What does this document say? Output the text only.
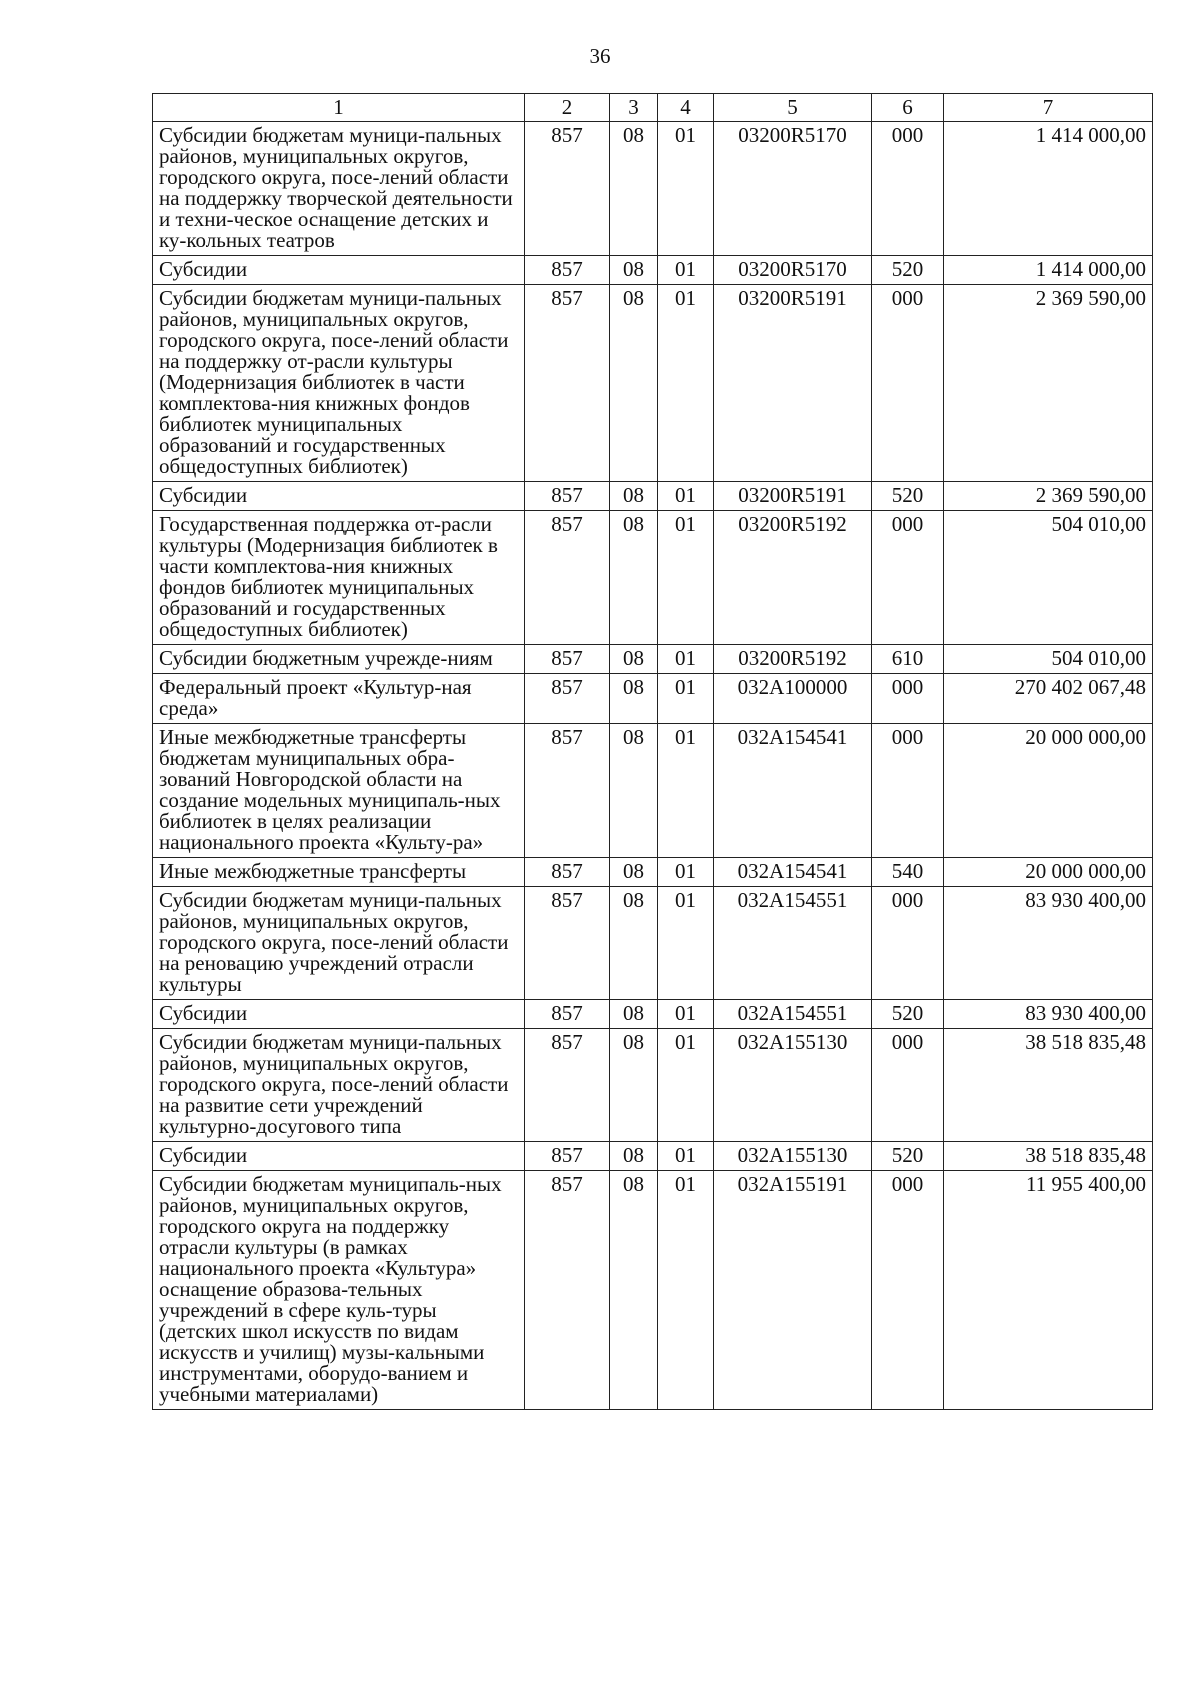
36
1	2	3	4	5	6	7
Субсидии бюджетам муници-пальных районов, муниципальных округов, городского округа, посе-лений области на поддержку творческой деятельности и техни-ческое оснащение детских и ку-кольных театров	857	08	01	03200R5170	000	1 414 000,00
Субсидии	857	08	01	03200R5170	520	1 414 000,00
Субсидии бюджетам муници-пальных районов, муниципальных округов, городского округа, посе-лений области на поддержку от-расли культуры (Модернизация библиотек в части комплектова-ния книжных фондов библиотек муниципальных образований и государственных общедоступных библиотек)	857	08	01	03200R5191	000	2 369 590,00
Субсидии	857	08	01	03200R5191	520	2 369 590,00
Государственная поддержка от-расли культуры (Модернизация библиотек в части комплектова-ния книжных фондов библиотек муниципальных образований и государственных общедоступных библиотек)	857	08	01	03200R5192	000	504 010,00
Субсидии бюджетным учрежде-ниям	857	08	01	03200R5192	610	504 010,00
Федеральный проект «Культур-ная среда»	857	08	01	032A100000	000	270 402 067,48
Иные межбюджетные трансферты бюджетам муниципальных обра-зований Новгородской области на создание модельных муниципаль-ных библиотек в целях реализации национального проекта «Культу-ра»	857	08	01	032A154541	000	20 000 000,00
Иные межбюджетные трансферты	857	08	01	032A154541	540	20 000 000,00
Субсидии бюджетам муници-пальных районов, муниципальных округов, городского округа, посе-лений области на реновацию учреждений отрасли культуры	857	08	01	032A154551	000	83 930 400,00
Субсидии	857	08	01	032A154551	520	83 930 400,00
Субсидии бюджетам муници-пальных районов, муниципальных округов, городского округа, посе-лений области на развитие сети учреждений культурно-досугового типа	857	08	01	032A155130	000	38 518 835,48
Субсидии	857	08	01	032A155130	520	38 518 835,48
Субсидии бюджетам муниципаль-ных районов, муниципальных округов, городского округа на поддержку отрасли культуры (в рамках национального проекта «Культура» оснащение образова-тельных учреждений в сфере куль-туры (детских школ искусств по видам искусств и училищ) музы-кальными инструментами, оборудо-ванием и учебными материалами)	857	08	01	032A155191	000	11 955 400,00
